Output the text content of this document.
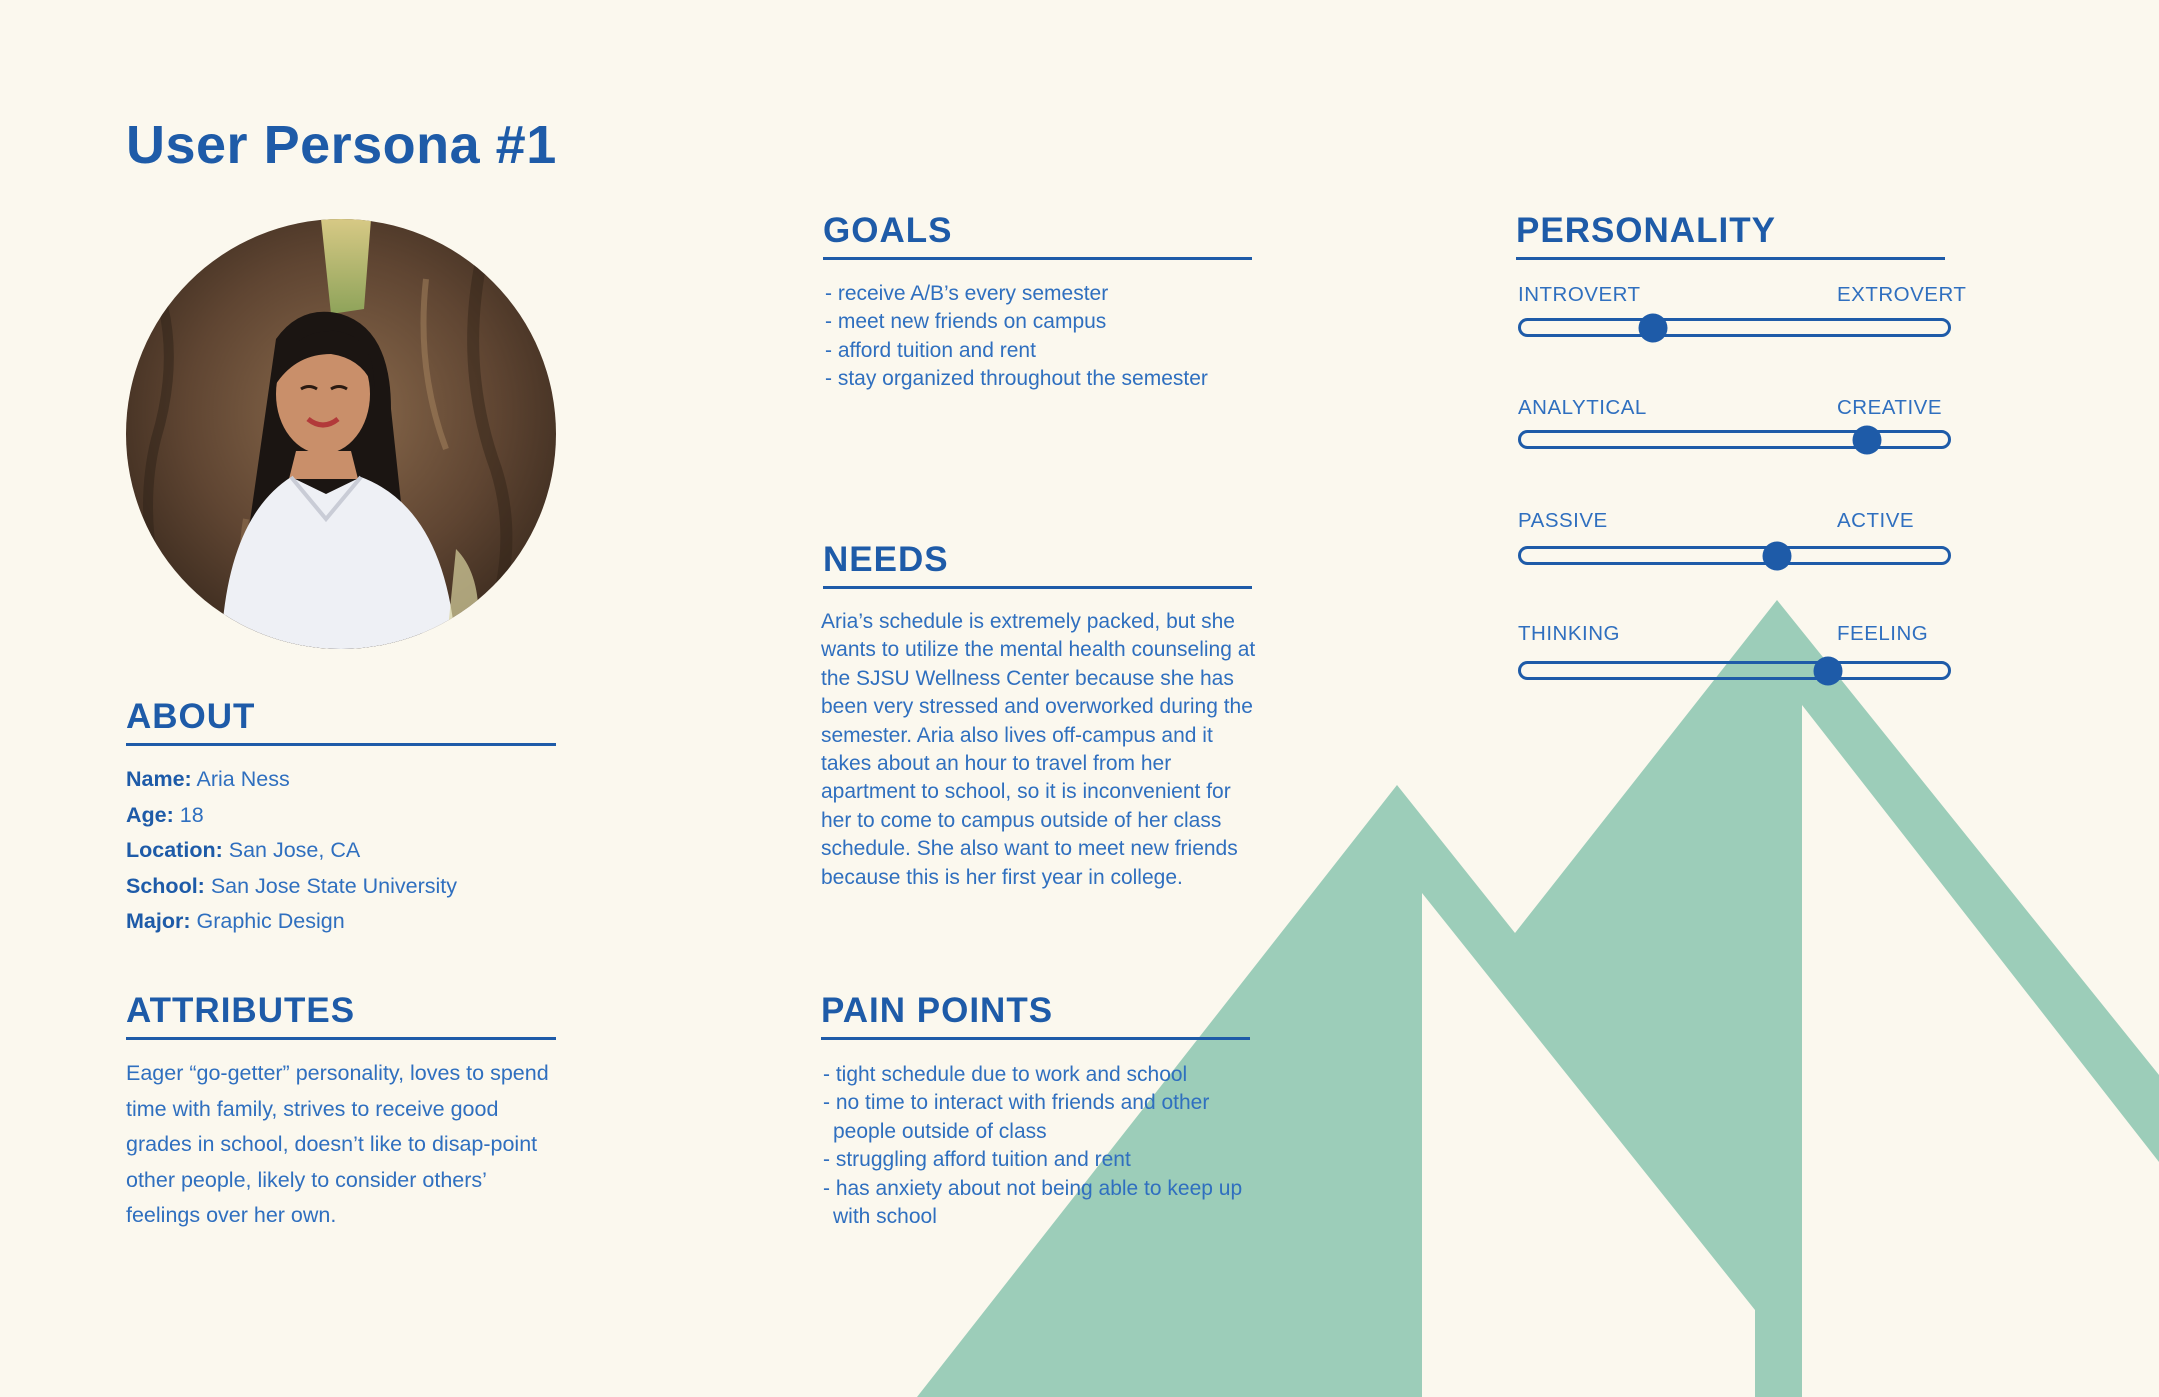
User Persona #1
ABOUT
Name: Aria Ness
Age: 18
Location: San Jose, CA
School: San Jose State University
Major: Graphic Design
ATTRIBUTES

Eager “go-getter” personality, loves to spend time with family, strives to receive good grades in school, doesn’t like to disap-point other people, likely to consider others’ feelings over her own.

GOALS
- receive A/B’s every semester
- meet new friends on campus
- afford tuition and rent
- stay organized throughout the semester
NEEDS

Aria’s schedule is extremely packed, but she wants to utilize the mental health counseling at the SJSU Wellness Center because she has been very stressed and overworked during the semester. Aria also lives off-campus and it takes about an hour to travel from her apartment to school, so it is inconvenient for her to come to campus outside of her class schedule. She also want to meet new friends because this is her first year in college.

PAIN POINTS
- tight schedule due to work and school
- no time to interact with friends and other people outside of class
- struggling afford tuition and rent
- has anxiety about not being able to keep up with school
PERSONALITY
INTROVERT	EXTROVERT
ANALYTICAL	CREATIVE
PASSIVE	ACTIVE
THINKING	FEELING
